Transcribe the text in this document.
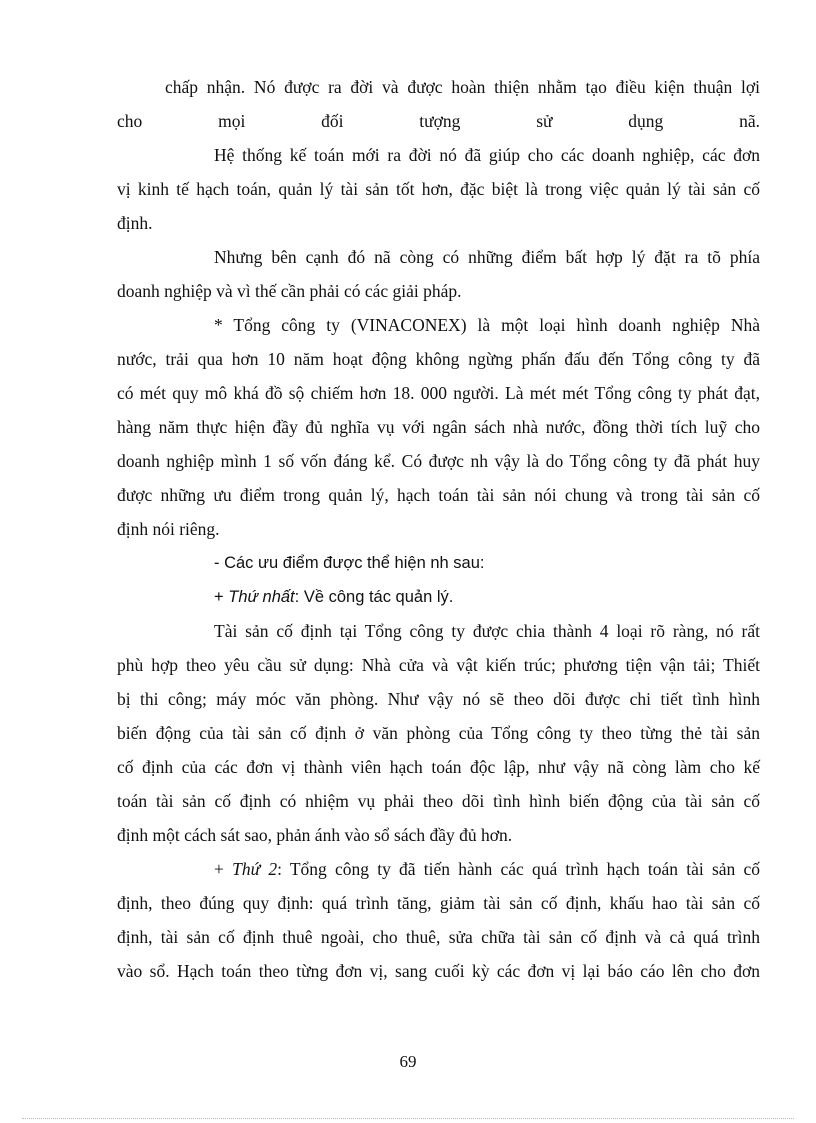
chấp nhận. Nó được ra đời và được hoàn thiện nhằm tạo điều kiện thuận lợi

cho	mọi	đối	tượng	sử	dụng	nã.

Hệ thống kế toán mới ra đời nó đã giúp cho các doanh nghiệp, các đơn

vị kinh tế hạch toán, quản lý tài sản tốt hơn, đặc biệt là trong việc quản lý tài sản cố

định.

Nhưng bên cạnh đó nã còng có những điểm bất hợp lý đặt ra tõ phía

doanh nghiệp và vì thế cần phải có các giải pháp.

* Tổng công ty (VINACONEX) là một loại hình doanh nghiệp Nhà

nước, trải qua hơn 10 năm hoạt động không ngừng phấn đấu đến Tổng công ty đã

có mét quy mô khá đồ sộ chiếm hơn 18. 000 người. Là mét mét Tổng công ty phát đạt,

hàng năm thực hiện đầy đủ nghĩa vụ với ngân sách nhà nước, đồng thời tích luỹ cho

doanh nghiệp mình 1 số vốn đáng kể. Có được nh vậy là do Tổng công ty đã phát huy

được những ưu điểm trong quản lý, hạch toán tài sản nói chung và trong tài sản cố

định nói riêng.

- Các ưu điểm được thể hiện nh sau:

+ Thứ nhất: Về công tác quản lý.

Tài sản cố định tại Tổng công ty được chia thành 4 loại rõ ràng, nó rất

phù hợp theo yêu cầu sử dụng: Nhà cửa và vật kiến trúc; phương tiện vận tải; Thiết

bị thi công; máy móc văn phòng. Như vậy nó sẽ theo dõi được chi tiết tình hình

biến động của tài sản cố định ở văn phòng của Tổng công ty theo từng thẻ tài sản

cố định của các đơn vị thành viên hạch toán độc lập, như vậy nã còng làm cho kế

toán tài sản cố định có nhiệm vụ phải theo dõi tình hình biến động của tài sản cố

định một cách sát sao, phản ánh vào sổ sách đầy đủ hơn.

+ Thứ 2: Tổng công ty đã tiến hành các quá trình hạch toán tài sản cố

định, theo đúng quy định: quá trình tăng, giảm tài sản cố định, khấu hao tài sản cố

định, tài sản cố định thuê ngoài, cho thuê, sửa chữa tài sản cố định và cả quá trình

vào sổ. Hạch toán theo từng đơn vị, sang cuối kỳ các đơn vị lại báo cáo lên cho đơn

69
